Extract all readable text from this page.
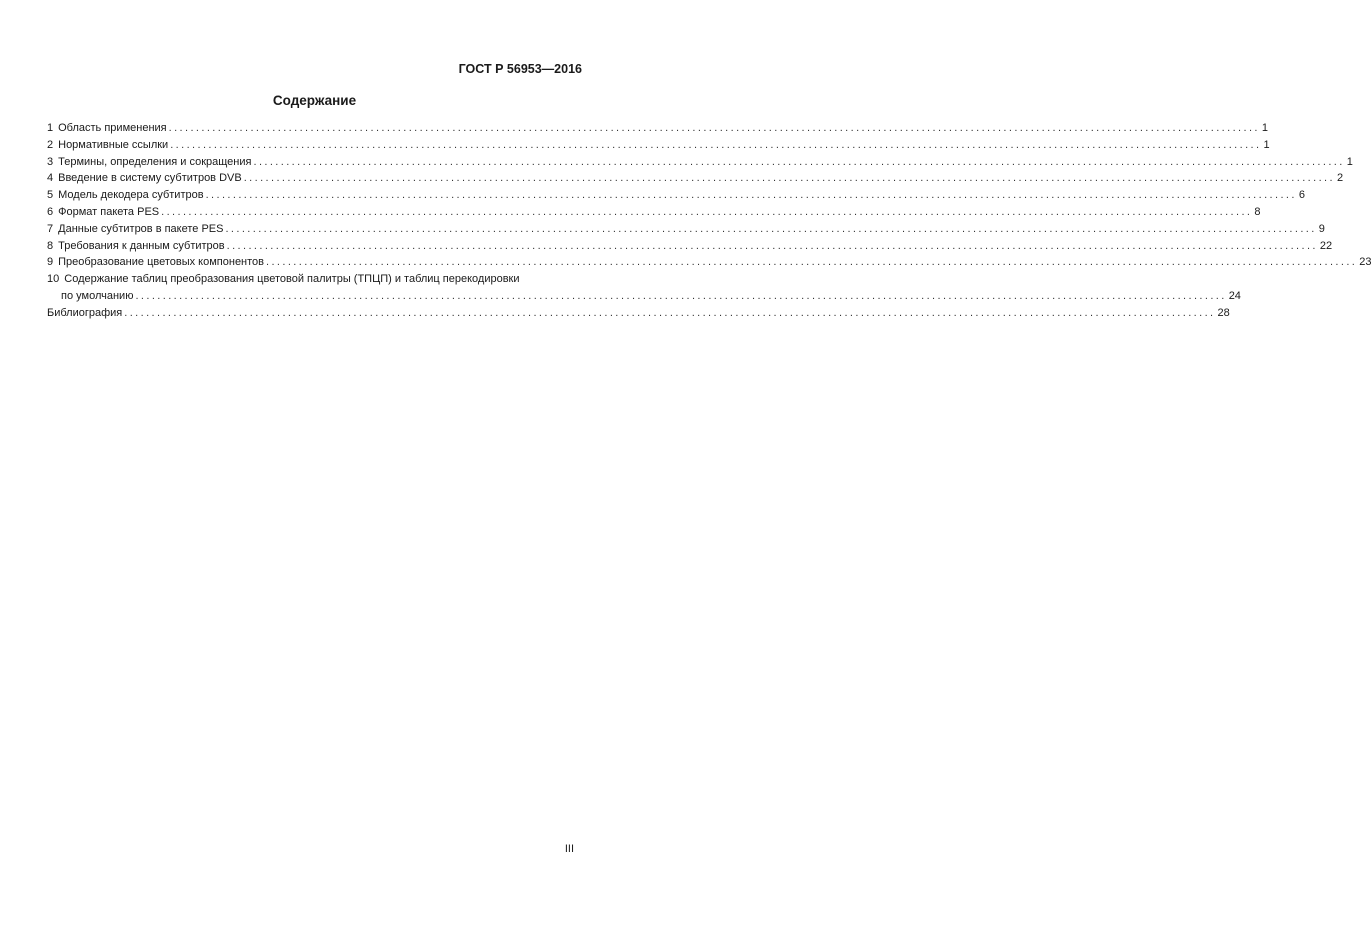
ГОСТ Р 56953—2016
Содержание
1 Область применения ........................................................................................................................................................................................................ 1
2 Нормативные ссылки ........................................................................................................................................................................................................ 1
3 Термины, определения и сокращения ........................................................................................................................................................................................................ 1
4 Введение в систему субтитров DVB ........................................................................................................................................................................................................ 2
5 Модель декодера субтитров ........................................................................................................................................................................................................ 6
6 Формат пакета PES ........................................................................................................................................................................................................ 8
7 Данные субтитров в пакете PES ........................................................................................................................................................................................................ 9
8 Требования к данным субтитров ........................................................................................................................................................................................................ 22
9 Преобразование цветовых компонентов ........................................................................................................................................................................................................ 23
10 Содержание таблиц преобразования цветовой палитры (ТПЦП) и таблиц перекодировки
по умолчанию ........................................................................................................................................................................................................ 24
Библиография ........................................................................................................................................................................................................ 28
III
